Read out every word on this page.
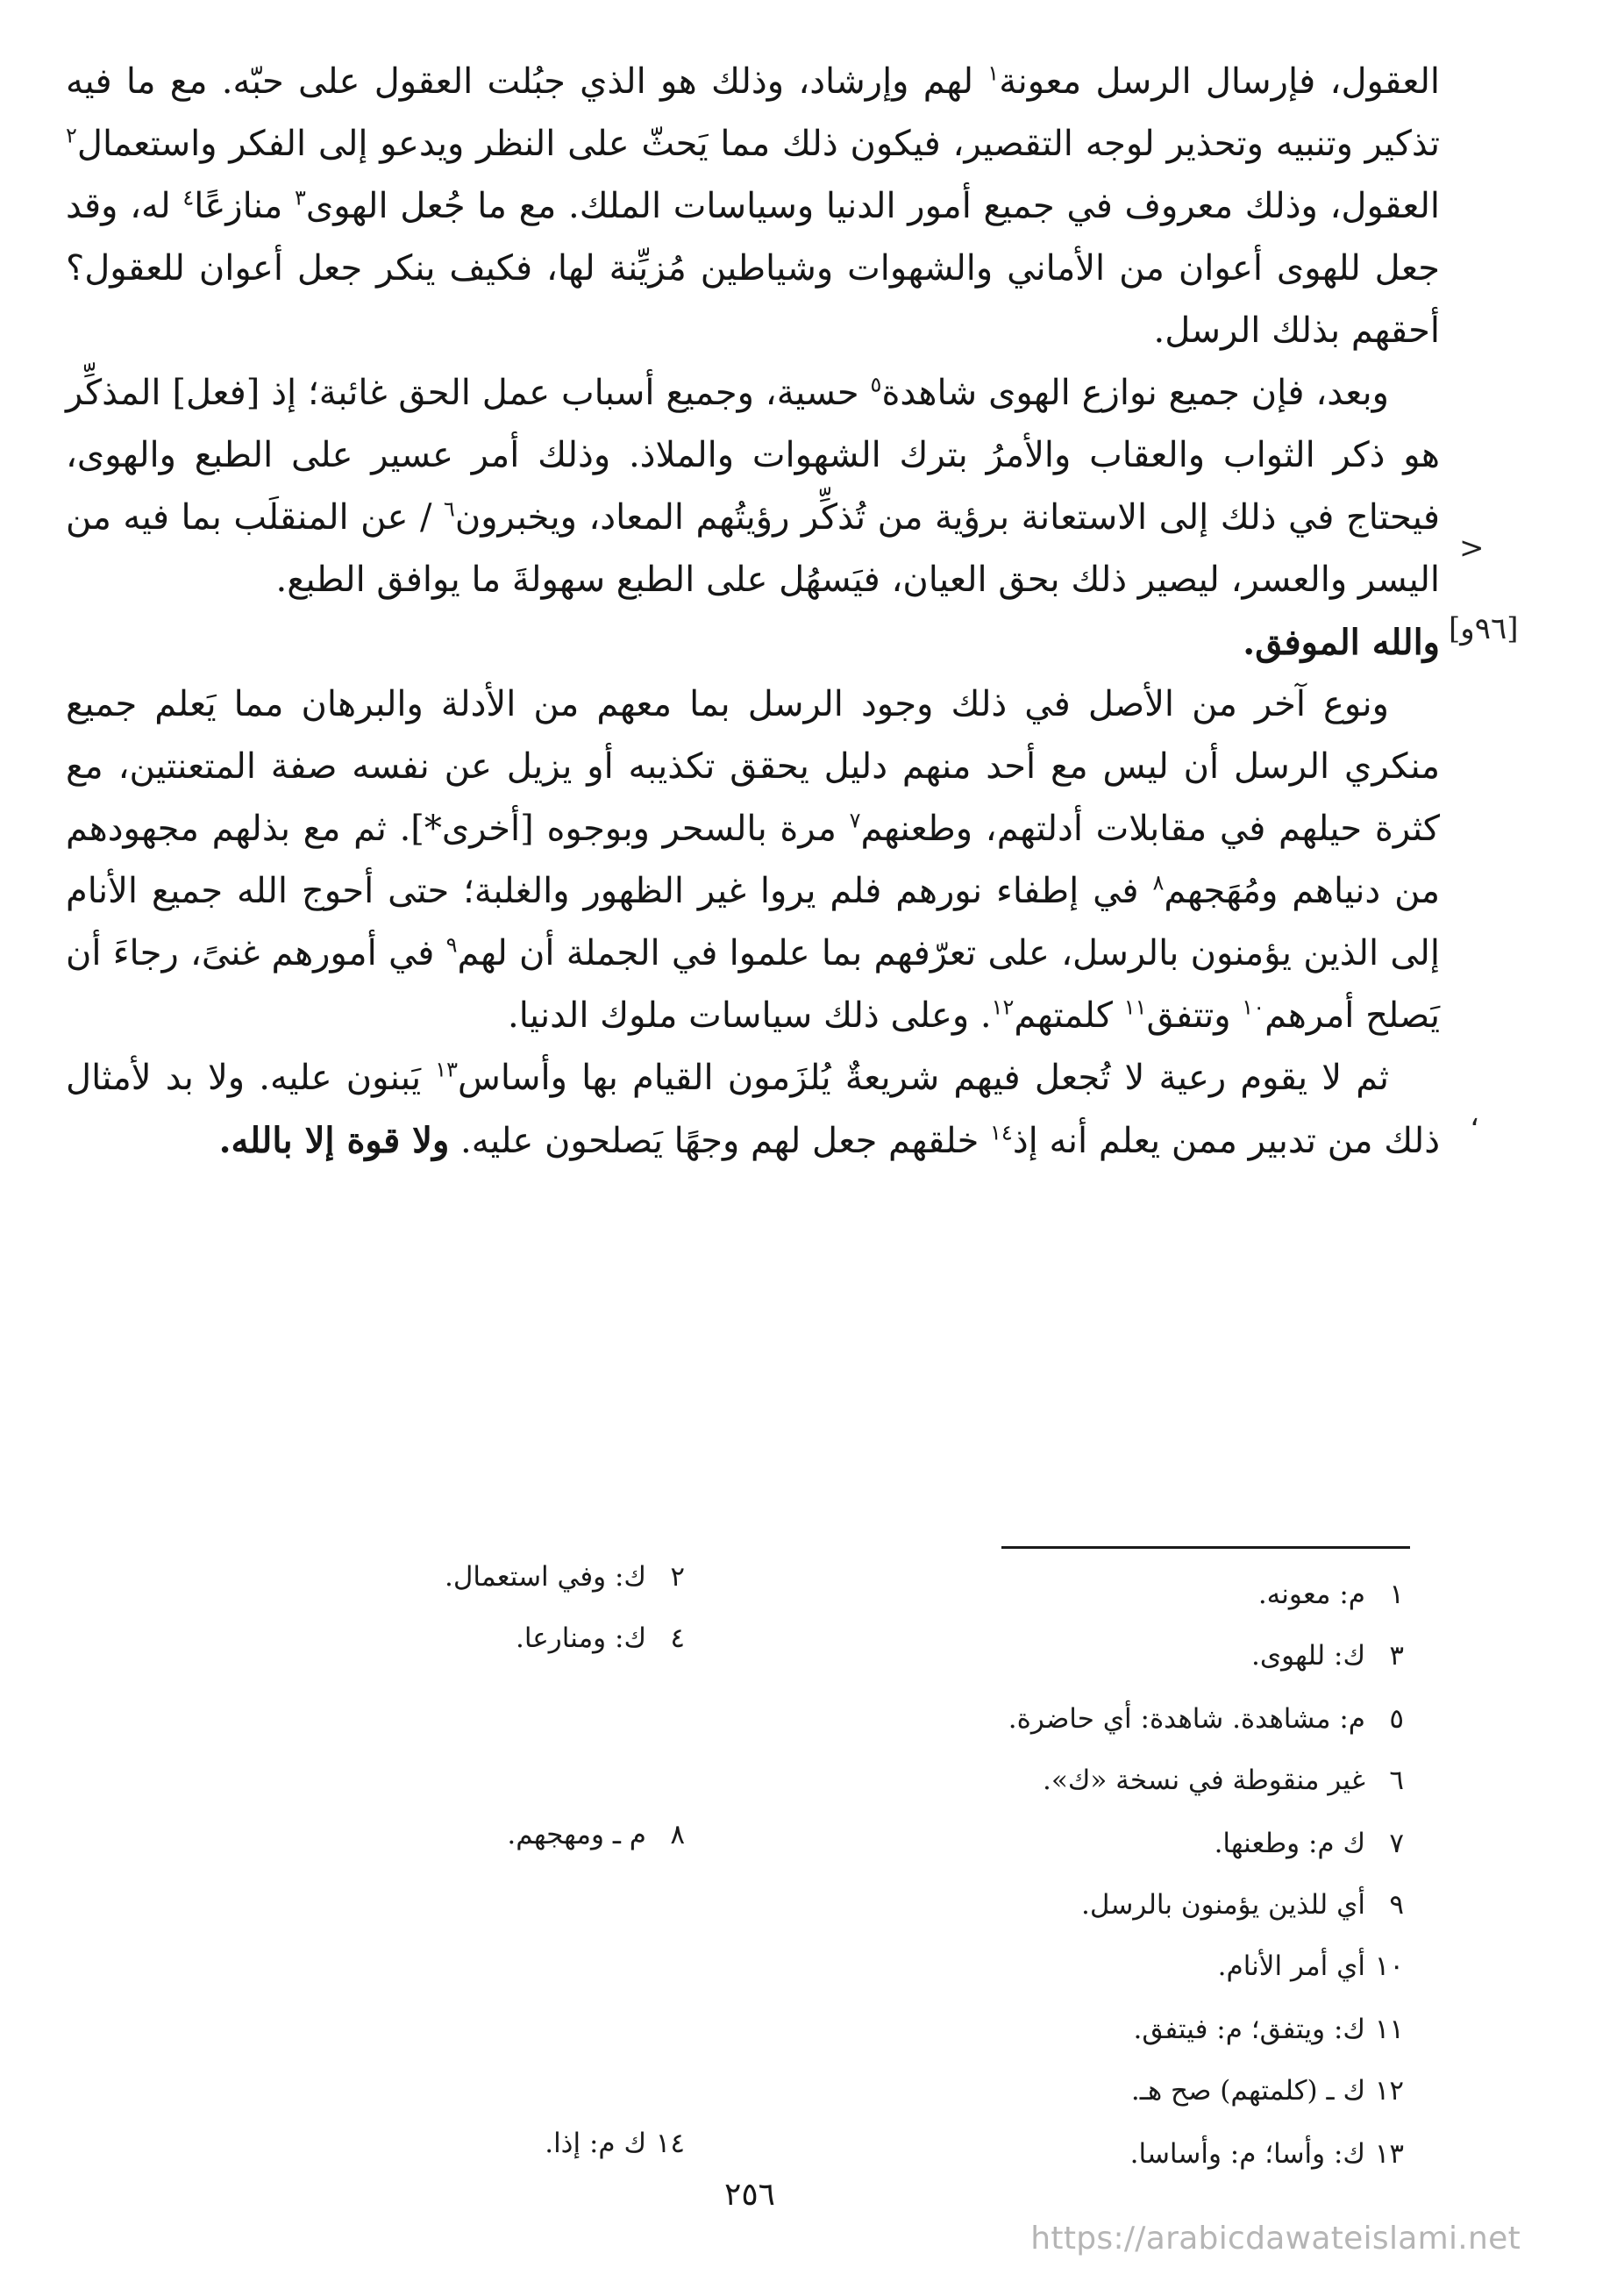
العقول، فإرسال الرسل معونة$^١$ لهم وإرشاد، وذلك هو الذي جبُلت العقول على حبّه. مع ما فيه تذكير وتنبيه وتحذير لوجه التقصير، فيكون ذلك مما يَحثّ على النظر ويدعو إلى الفكر واستعمال$^٢$ العقول، وذلك معروف في جميع أمور الدنيا وسياسات الملك. مع ما جُعل الهوى$^٣$ منازعًا$^٤$ له، وقد جعل للهوى أعوان من الأماني والشهوات وشياطين مُزيِّنة لها، فكيف ينكر جعل أعوان للعقول؟ أحقهم بذلك الرسل.

وبعد، فإن جميع نوازع الهوى شاهدة$^٥$ حسية، وجميع أسباب عمل الحق غائبة؛ إذ [فعل] المذكِّر هو ذكر الثواب والعقاب والأمرُ بترك الشهوات والملاذ. وذلك أمر عسير على الطبع والهوى، فيحتاج في ذلك إلى الاستعانة برؤية من تُذكِّر رؤيتُهم المعاد، ويخبرون$^٦$ / عن المنقلَب بما فيه من اليسر والعسر، ليصير ذلك بحق العيان، فيَسهُل على الطبع سهولةَ ما يوافق الطبع.

والله الموفق.

ونوع آخر من الأصل في ذلك وجود الرسل بما معهم من الأدلة والبرهان مما يَعلم جميع منكري الرسل أن ليس مع أحد منهم دليل يحقق تكذيبه أو يزيل عن نفسه صفة المتعنتين، مع كثرة حيلهم في مقابلات أدلتهم، وطعنهم$^٧$ مرة بالسحر وبوجوه [أخرى*]. ثم مع بذلهم مجهودهم من دنياهم ومُهَجهم$^٨$ في إطفاء نورهم فلم يروا غير الظهور والغلبة؛ حتى أحوج الله جميع الأنام إلى الذين يؤمنون بالرسل، على تعرّفهم بما علموا في الجملة أن لهم$^٩$ في أمورهم غنىً، رجاءَ أن يَصلح أمرهم$^{١٠}$ وتتفق$^{١١}$ كلمتهم$^{١٢}$. وعلى ذلك سياسات ملوك الدنيا.

ثم لا يقوم رعية لا تُجعل فيهم شريعةٌ يُلزَمون القيام بها وأساس$^{١٣}$ يَبنون عليه. ولا بد لأمثال ذلك من تدبير ممن يعلم أنه إذ$^{١٤}$ خلقهم جعل لهم وجهًا يَصلحون عليه. ولا قوة إلا بالله.

<
[٩٦و]
،
١م: معونه.
٣ك: للهوى.
٥م: مشاهدة. شاهدة: أي حاضرة.
٦غير منقوطة في نسخة «ك».
٧ك م: وطعنها.
٩أي للذين يؤمنون بالرسل.
١٠أي أمر الأنام.
١١ك: ويتفق؛ م: فيتفق.
١٢ك ـ (كلمتهم) صح هـ.
١٣ك: وأسا؛ م: وأساسا.
٢ك: وفي استعمال.
٤ك: ومنارعا.
٨م ـ ومهجهم.
١٤ك م: إذا.
٢٥٦
https://arabicdawateislami.net
